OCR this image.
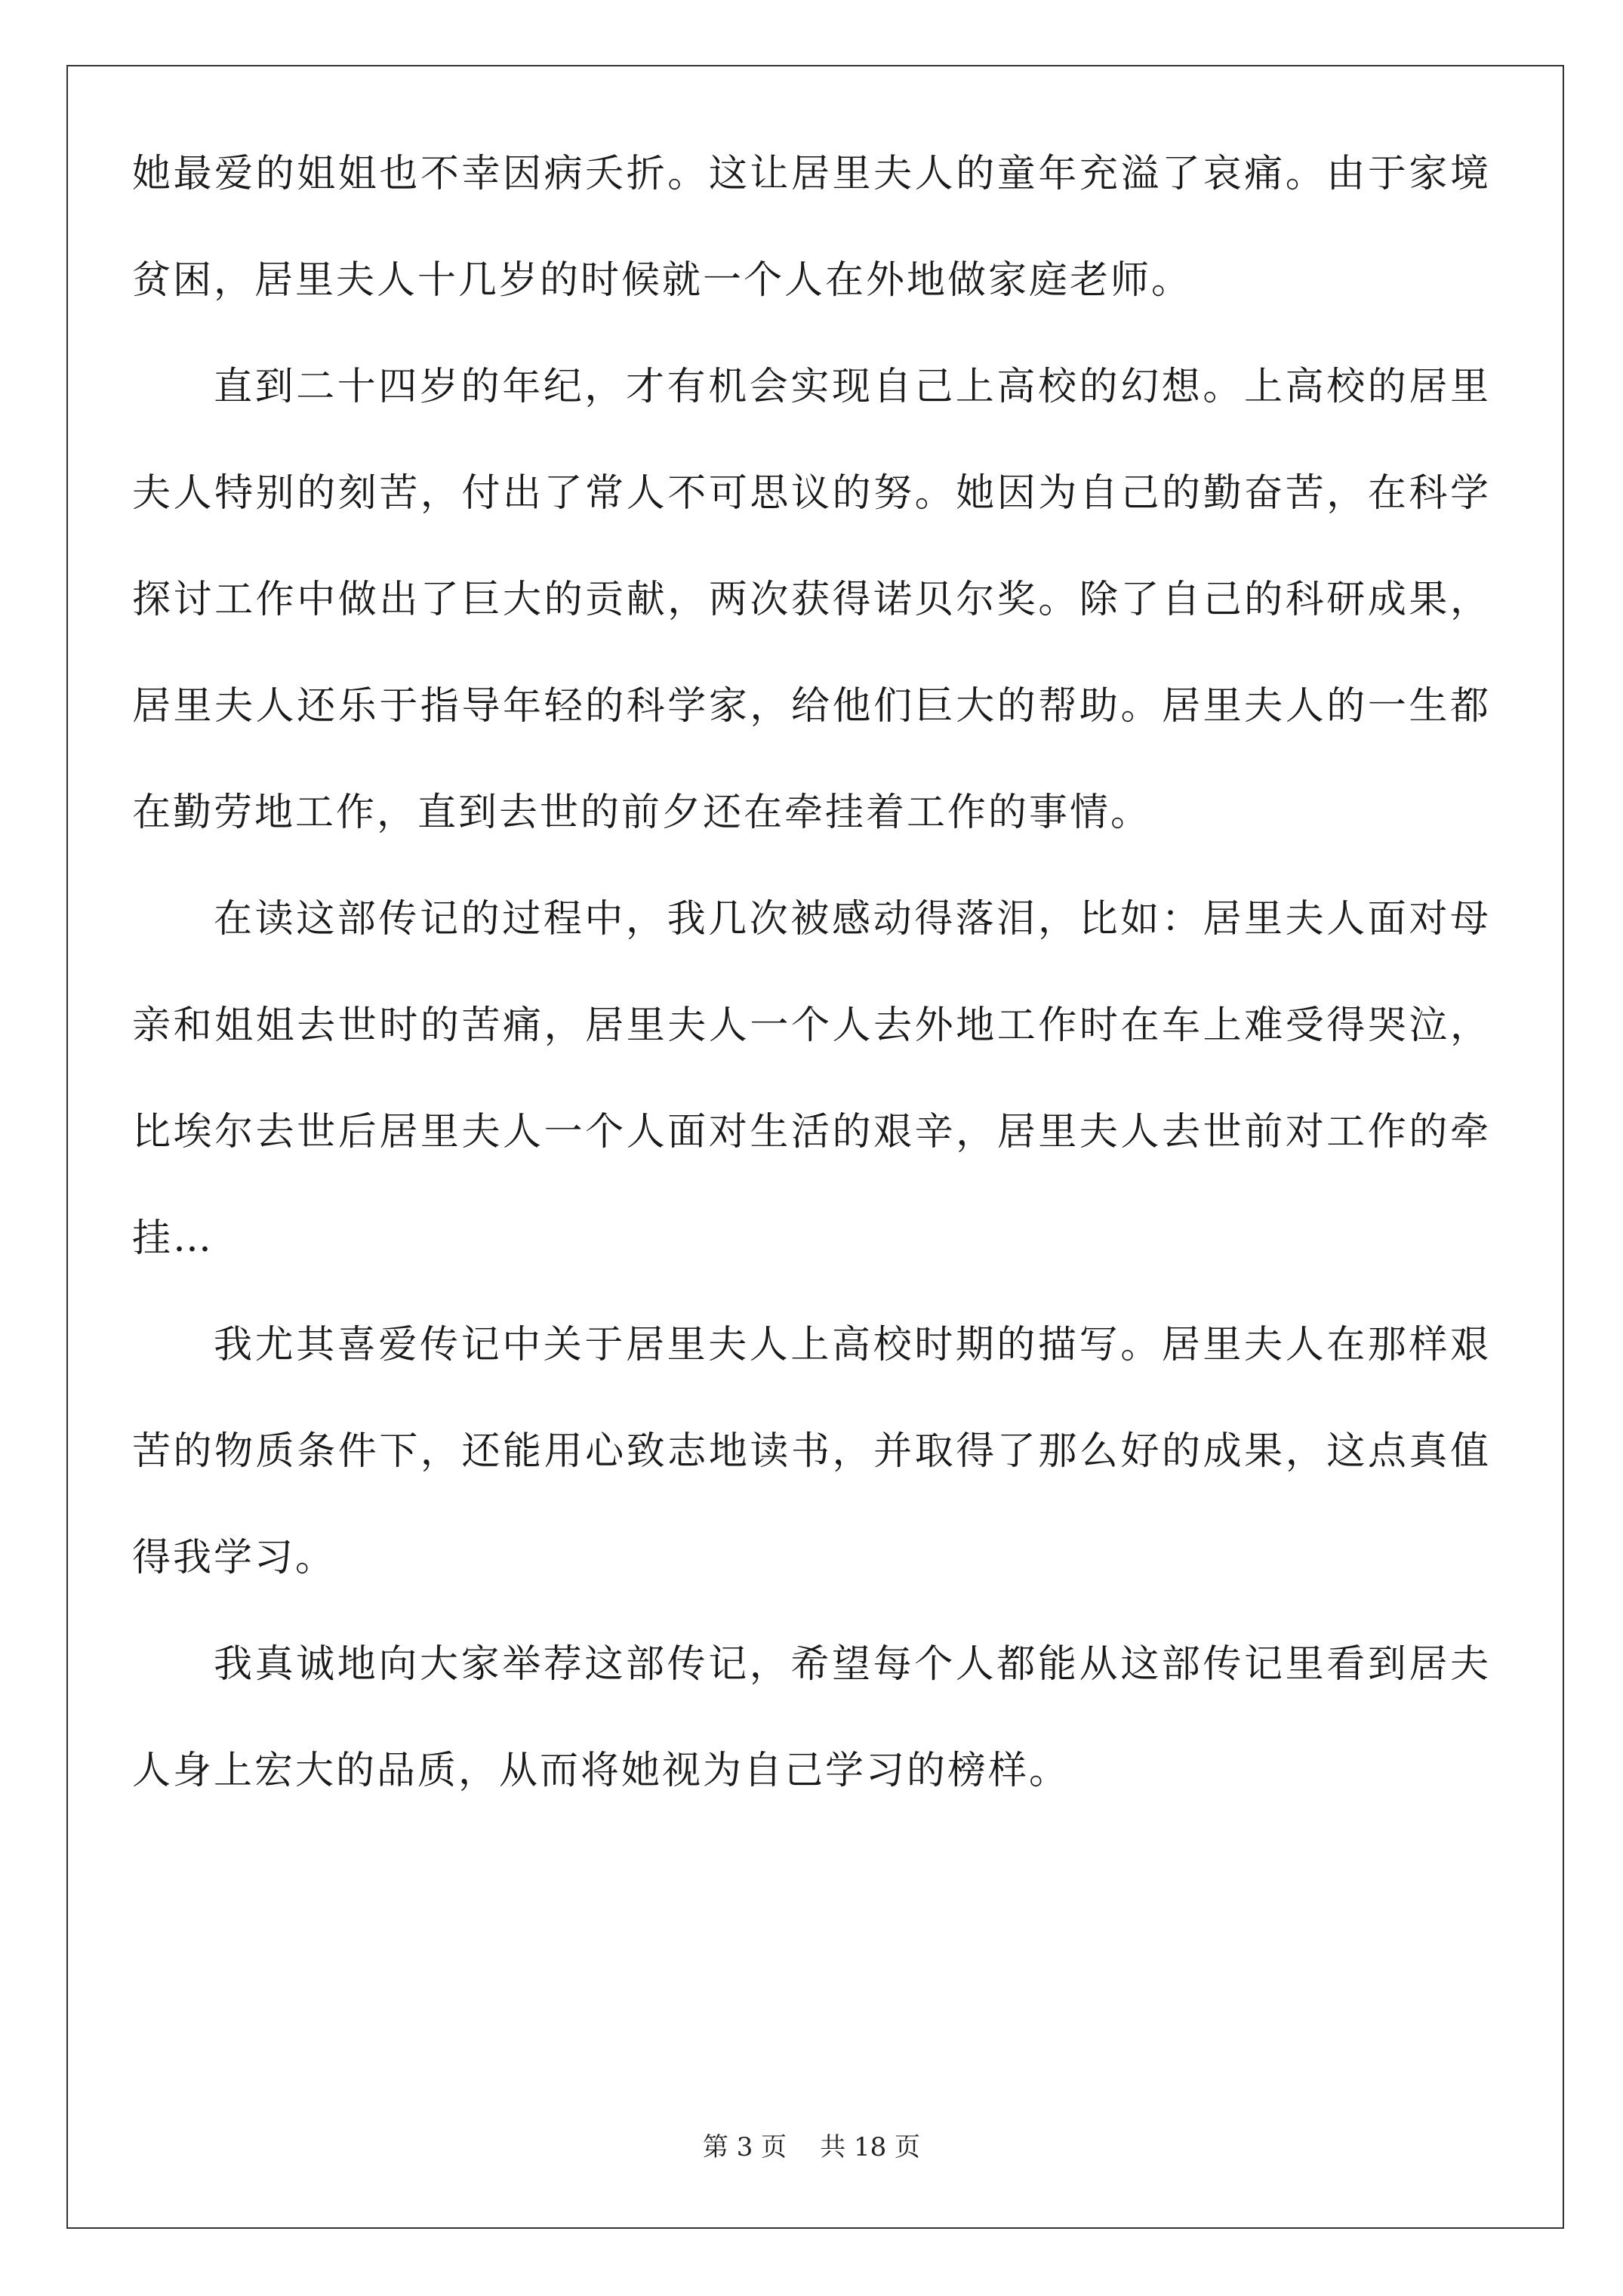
她最爱的姐姐也不幸因病夭折。这让居里夫人的童年充溢了哀痛。由于家境贫困，居里夫人十几岁的时候就一个人在外地做家庭老师。

直到二十四岁的年纪，才有机会实现自己上高校的幻想。上高校的居里夫人特别的刻苦，付出了常人不可思议的努。她因为自己的勤奋苦，在科学探讨工作中做出了巨大的贡献，两次获得诺贝尔奖。除了自己的科研成果，居里夫人还乐于指导年轻的科学家，给他们巨大的帮助。居里夫人的一生都在勤劳地工作，直到去世的前夕还在牵挂着工作的事情。

在读这部传记的过程中，我几次被感动得落泪，比如：居里夫人面对母亲和姐姐去世时的苦痛，居里夫人一个人去外地工作时在车上难受得哭泣，比埃尔去世后居里夫人一个人面对生活的艰辛，居里夫人去世前对工作的牵挂…

我尤其喜爱传记中关于居里夫人上高校时期的描写。居里夫人在那样艰苦的物质条件下，还能用心致志地读书，并取得了那么好的成果，这点真值得我学习。

我真诚地向大家举荐这部传记，希望每个人都能从这部传记里看到居夫人身上宏大的品质，从而将她视为自己学习的榜样。

第 3 页 共 18 页
